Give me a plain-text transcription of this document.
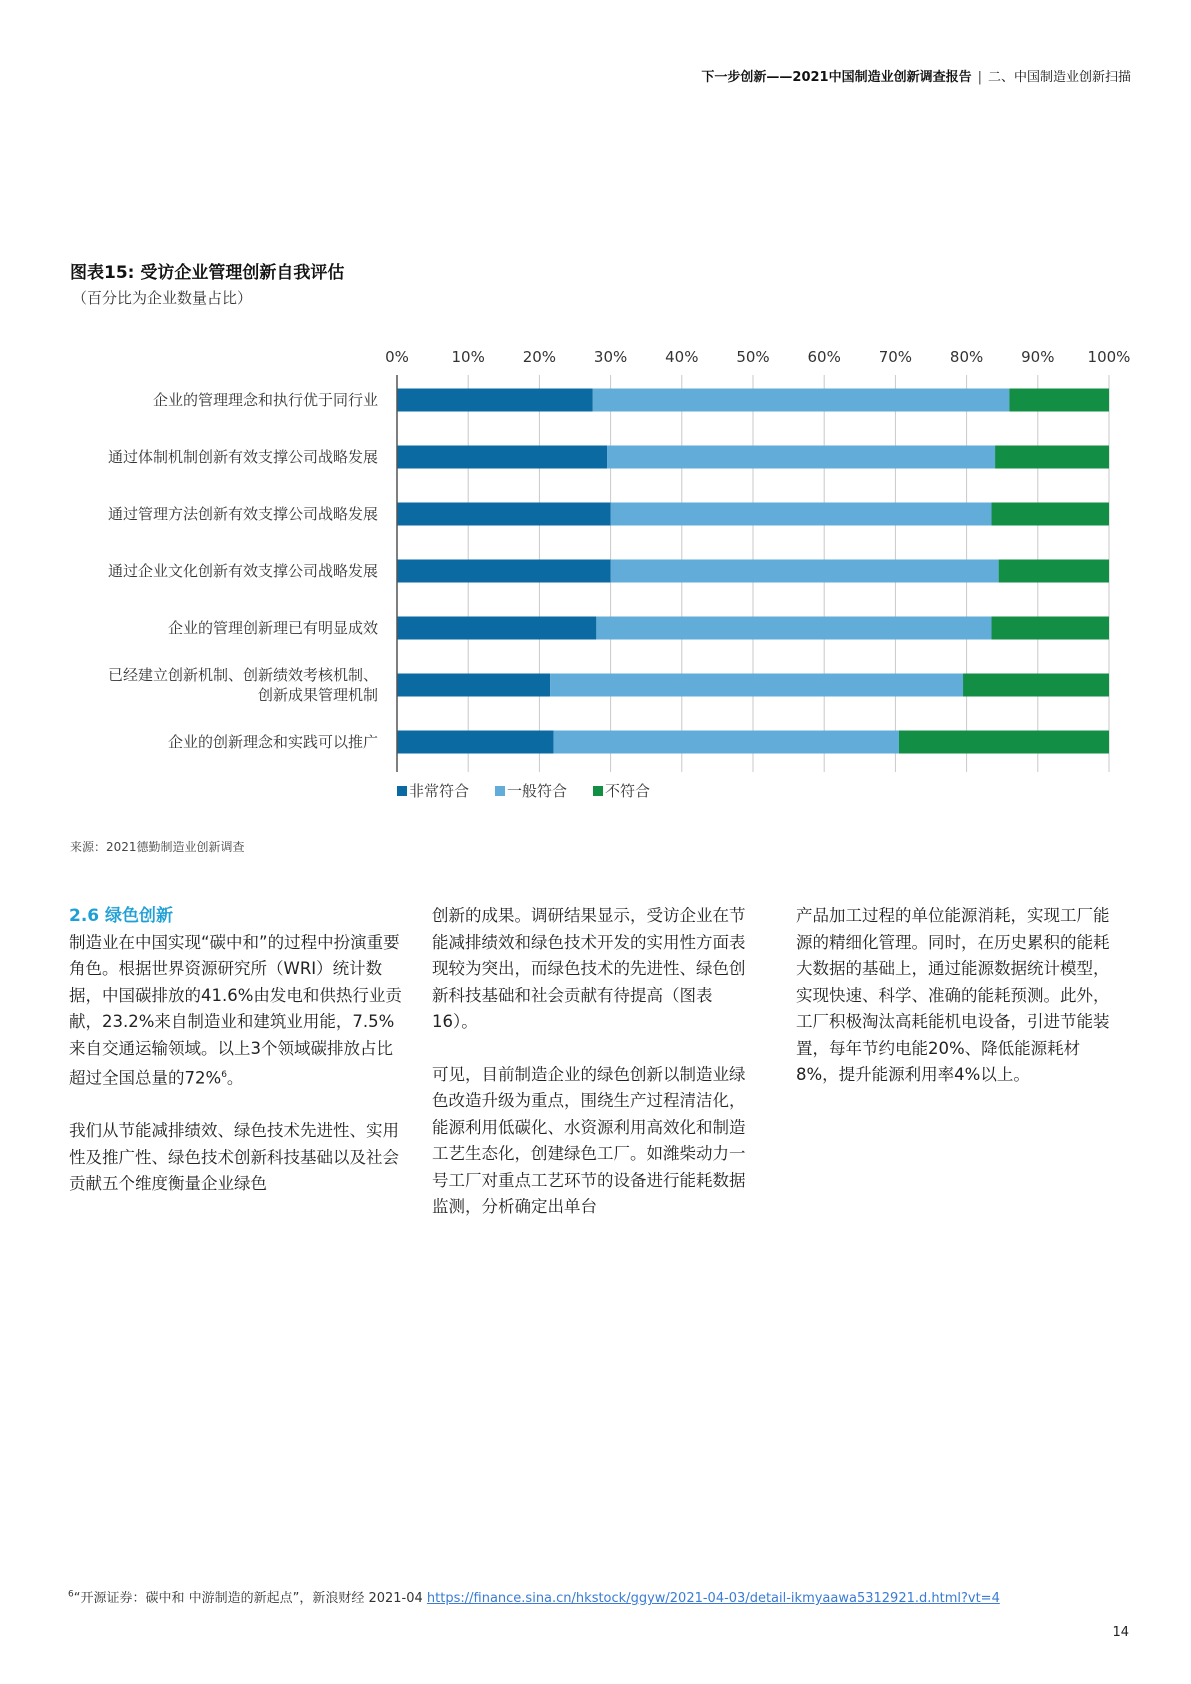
下一步创新——2021中国制造业创新调查报告 | 二、中国制造业创新扫描
图表15: 受访企业管理创新自我评估
（百分比为企业数量占比）
0%	10%	20%	30%	40%	50%	60%	70%	80%	90% 100%
企业的管理理念和执行优于同行业
通过体制机制创新有效支撑公司战略发展
通过管理方法创新有效支撑公司战略发展
通过企业文化创新有效支撑公司战略发展
企业的管理创新理已有明显成效
已经建立创新机制、创新绩效考核机制、
创新成果管理机制
企业的创新理念和实践可以推广
非常符合	一般符合	不符合
来源：2021德勤制造业创新调查
2.6 绿色创新

制造业在中国实现“碳中和”的过程中扮演重要角色。根据世界资源研究所（WRI）统计数据，中国碳排放的41.6%由发电和供热行业贡献，23.2%来自制造业和建筑业用能，7.5%来自交通运输领域。以上3个领域碳排放占比超过全国总量的72%$^6$。

我们从节能减排绩效、绿色技术先进性、实用性及推广性、绿色技术创新科技基础以及社会贡献五个维度衡量企业绿色

创新的成果。调研结果显示，受访企业在节能减排绩效和绿色技术开发的实用性方面表现较为突出，而绿色技术的先进性、绿色创新科技基础和社会贡献有待提高（图表16）。

可见，目前制造企业的绿色创新以制造业绿色改造升级为重点，围绕生产过程清洁化，能源利用低碳化、水资源利用高效化和制造工艺生态化，创建绿色工厂。如潍柴动力一号工厂对重点工艺环节的设备进行能耗数据监测，分析确定出单台

产品加工过程的单位能源消耗，实现工厂能源的精细化管理。同时，在历史累积的能耗大数据的基础上，通过能源数据统计模型，实现快速、科学、准确的能耗预测。此外，工厂积极淘汰高耗能机电设备，引进节能装置，每年节约电能20%、降低能源耗材8%，提升能源利用率4%以上。

$^6$“开源证券：碳中和 中游制造的新起点”，新浪财经 2021-04 https://finance.sina.cn/hkstock/ggyw/2021-04-03/detail-ikmyaawa5312921.d.html?vt=4
14
